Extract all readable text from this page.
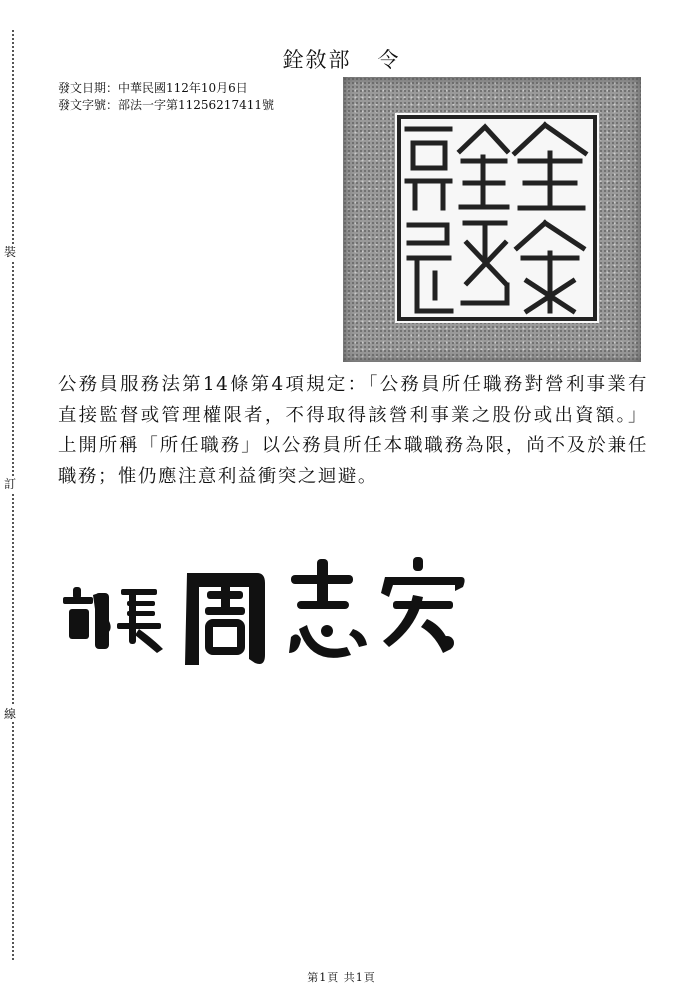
裝
訂
線
銓敘部 令
發文日期：中華民國112年10月6日
發文字號：部法一字第11256217411號
公務員服務法第14條第4項規定：「公務員所任職務對營利事業有直接監督或管理權限者，不得取得該營利事業之股份或出資額。」上開所稱「所任職務」以公務員所任本職職務為限，尚不及於兼任職務；惟仍應注意利益衝突之迴避。
第1頁 共1頁
